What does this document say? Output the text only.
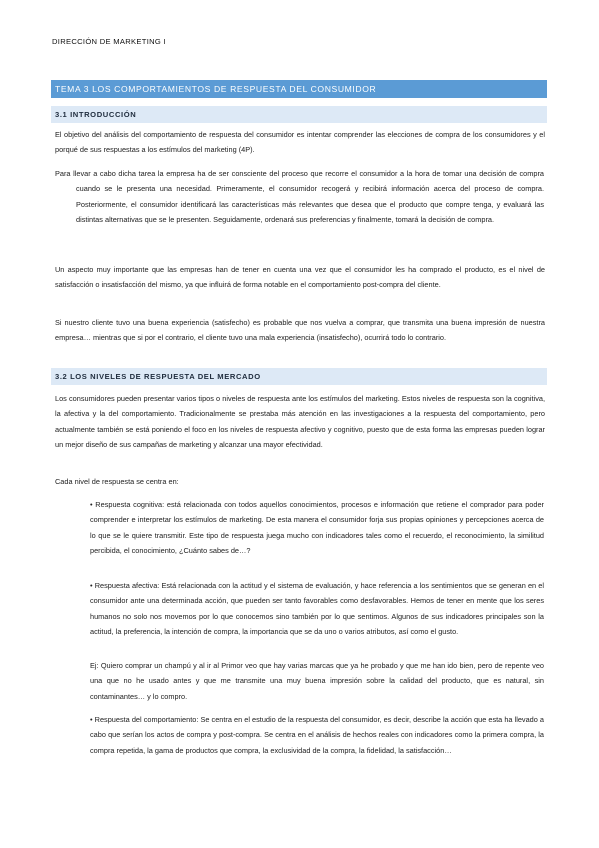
DIRECCIÓN DE MARKETING I
TEMA 3 LOS COMPORTAMIENTOS DE RESPUESTA DEL CONSUMIDOR
3.1 INTRODUCCIÓN

El objetivo del análisis del comportamiento de respuesta del consumidor es intentar comprender las elecciones de compra de los consumidores y el porqué de sus respuestas a los estímulos del marketing (4P).

Para llevar a cabo dicha tarea la empresa ha de ser consciente del proceso que recorre el consumidor a la hora de tomar una decisión de compra cuando se le presenta una necesidad. Primeramente, el consumidor recogerá y recibirá información acerca del proceso de compra. Posteriormente, el consumidor identificará las características más relevantes que desea que el producto que compre tenga, y evaluará las distintas alternativas que se le presenten. Seguidamente, ordenará sus preferencias y finalmente, tomará la decisión de compra.

Un aspecto muy importante que las empresas han de tener en cuenta una vez que el consumidor les ha comprado el producto, es el nivel de satisfacción o insatisfacción del mismo, ya que influirá de forma notable en el comportamiento post-compra del cliente.

Si nuestro cliente tuvo una buena experiencia (satisfecho) es probable que nos vuelva a comprar, que transmita una buena impresión de nuestra empresa… mientras que si por el contrario, el cliente tuvo una mala experiencia (insatisfecho), ocurrirá todo lo contrario.

3.2 LOS NIVELES DE RESPUESTA DEL MERCADO

Los consumidores pueden presentar varios tipos o niveles de respuesta ante los estímulos del marketing. Estos niveles de respuesta son la cognitiva, la afectiva y la del comportamiento. Tradicionalmente se prestaba más atención en las investigaciones a la respuesta del comportamiento, pero actualmente también se está poniendo el foco en los niveles de respuesta afectivo y cognitivo, puesto que de esta forma las empresas pueden lograr un mejor diseño de sus campañas de marketing y alcanzar una mayor efectividad.

Cada nivel de respuesta se centra en:

• Respuesta cognitiva: está relacionada con todos aquellos conocimientos, procesos e información que retiene el comprador para poder comprender e interpretar los estímulos de marketing. De esta manera el consumidor forja sus propias opiniones y percepciones acerca de lo que se le quiere transmitir. Este tipo de respuesta juega mucho con indicadores tales como el recuerdo, el reconocimiento, la similitud percibida, el conocimiento, ¿Cuánto sabes de…?

• Respuesta afectiva: Está relacionada con la actitud y el sistema de evaluación, y hace referencia a los sentimientos que se generan en el consumidor ante una determinada acción, que pueden ser tanto favorables como desfavorables. Hemos de tener en mente que los seres humanos no solo nos movemos por lo que conocemos sino también por lo que sentimos. Algunos de sus indicadores principales son la actitud, la preferencia, la intención de compra, la importancia que se da uno o varios atributos, así como el gusto.

Ej: Quiero comprar un champú y al ir al Primor veo que hay varias marcas que ya he probado y que me han ido bien, pero de repente veo una que no he usado antes y que me transmite una muy buena impresión sobre la calidad del producto, que es natural, sin contaminantes… y lo compro.

• Respuesta del comportamiento: Se centra en el estudio de la respuesta del consumidor, es decir, describe la acción que esta ha llevado a cabo que serían los actos de compra y post-compra. Se centra en el análisis de hechos reales con indicadores como la primera compra, la compra repetida, la gama de productos que compra, la exclusividad de la compra, la fidelidad, la satisfacción…
